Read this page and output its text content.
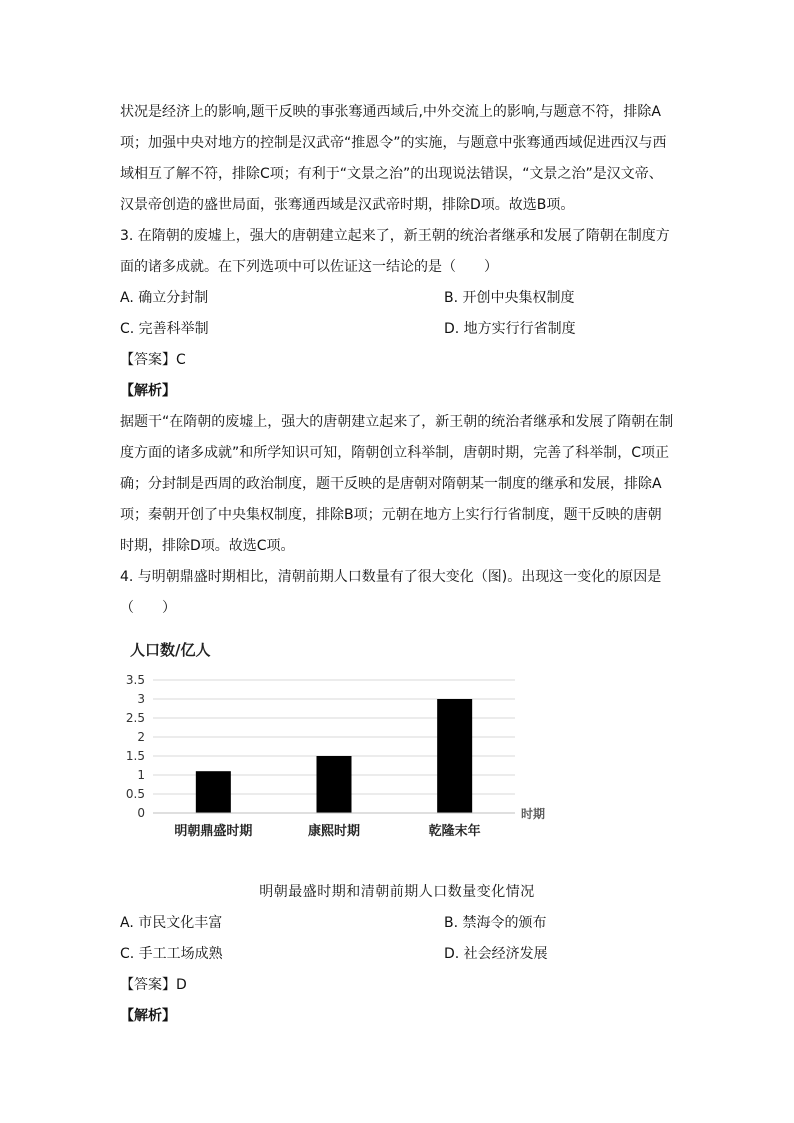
状况是经济上的影响,题干反映的事张骞通西域后,中外交流上的影响,与题意不符，排除A
项；加强中央对地方的控制是汉武帝“推恩令”的实施，与题意中张骞通西域促进西汉与西
域相互了解不符，排除C项；有利于“文景之治”的出现说法错误，“文景之治”是汉文帝、
汉景帝创造的盛世局面，张骞通西域是汉武帝时期，排除D项。故选B项。
3. 在隋朝的废墟上，强大的唐朝建立起来了，新王朝的统治者继承和发展了隋朝在制度方
面的诸多成就。在下列选项中可以佐证这一结论的是（　　）
A. 确立分封制	B. 开创中央集权制度
C. 完善科举制	D. 地方实行行省制度
【答案】C
【解析】
据题干“在隋朝的废墟上，强大的唐朝建立起来了，新王朝的统治者继承和发展了隋朝在制
度方面的诸多成就”和所学知识可知，隋朝创立科举制，唐朝时期，完善了科举制，C项正
确；分封制是西周的政治制度，题干反映的是唐朝对隋朝某一制度的继承和发展，排除A
项；秦朝开创了中央集权制度，排除B项；元朝在地方上实行行省制度，题干反映的唐朝
时期，排除D项。故选C项。
4. 与明朝鼎盛时期相比，清朝前期人口数量有了很大变化（图)。出现这一变化的原因是
（　　）
人口数/亿人
0
0.5
1
1.5
2
2.5
3
3.5
明朝鼎盛时期	康熙时期	乾隆末年
时期
明朝最盛时期和清朝前期人口数量变化情况
A. 市民文化丰富	B. 禁海令的颁布
C. 手工工场成熟	D. 社会经济发展
【答案】D
【解析】
